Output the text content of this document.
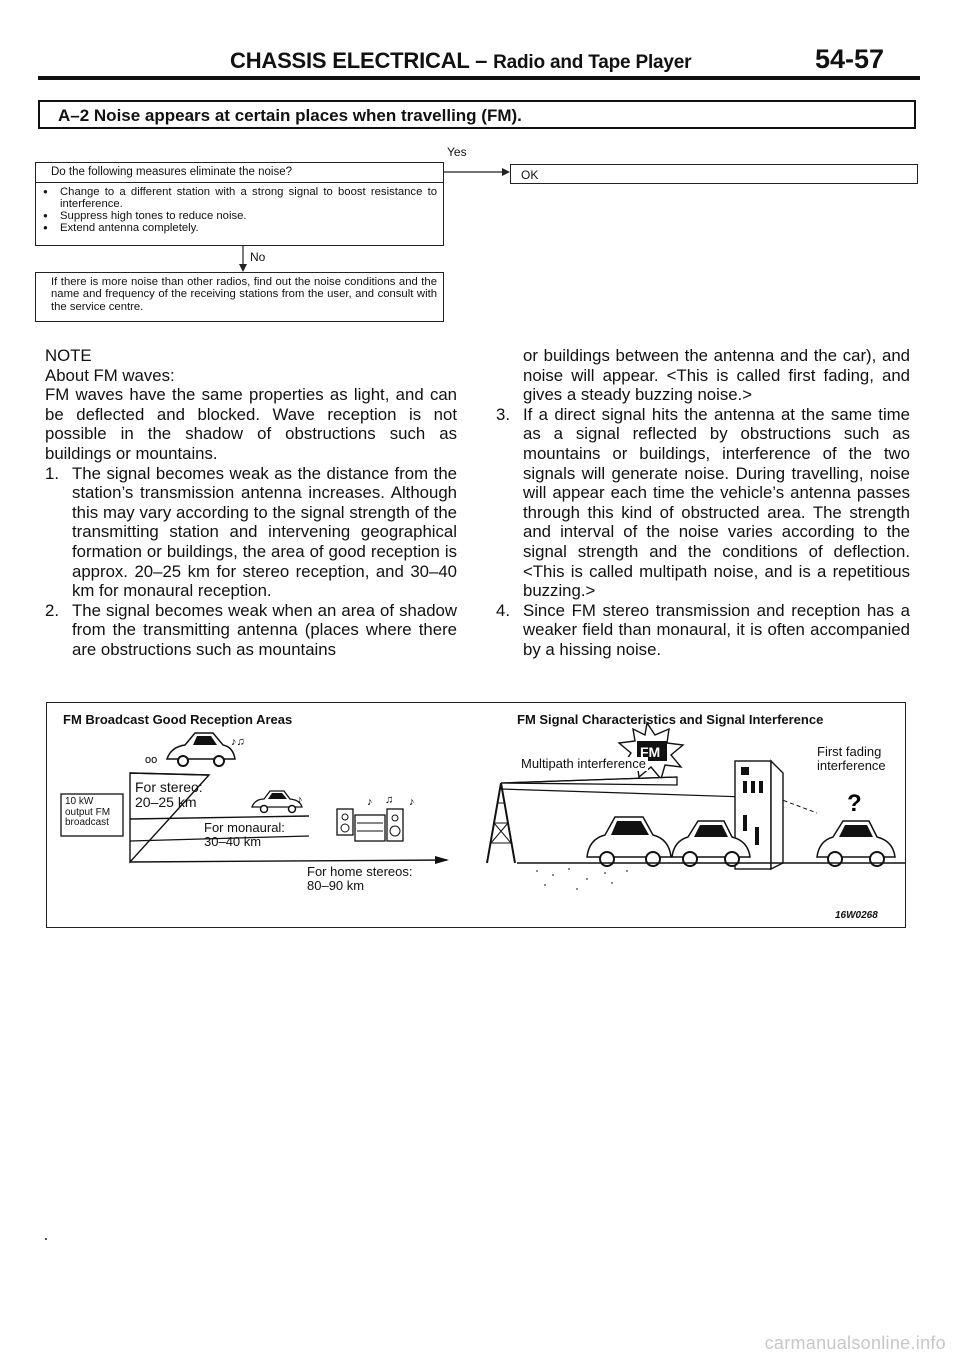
CHASSIS ELECTRICAL – Radio and Tape Player	54-57
A–2 Noise appears at certain places when travelling (FM).
Yes
Do the following measures eliminate the noise?
● Change to a different station with a strong signal to boost resistance to interference.
● Suppress high tones to reduce noise.
● Extend antenna completely.
OK
No
If there is more noise than other radios, find out the noise conditions and the name and frequency of the receiving stations from the user, and consult with the service centre.

NOTE

About FM waves:

FM waves have the same properties as light, and can be deflected and blocked. Wave reception is not possible in the shadow of obstructions such as buildings or mountains.

1. The signal becomes weak as the distance from the station’s transmission antenna increases. Although this may vary according to the signal strength of the transmitting station and intervening geographical formation or buildings, the area of good reception is approx. 20–25 km for stereo reception, and 30–40 km for monaural reception.
2. The signal becomes weak when an area of shadow from the transmitting antenna (places where there are obstructions such as mountains
or buildings between the antenna and the car), and noise will appear. <This is called first fading, and gives a steady buzzing noise.>
3. If a direct signal hits the antenna at the same time as a signal reflected by obstructions such as mountains or buildings, interference of the two signals will generate noise. During travelling, noise will appear each time the vehicle’s antenna passes through this kind of obstructed area. The strength and interval of the noise varies according to the signal strength and the conditions of deflection. <This is called multipath noise, and is a repetitious buzzing.>
4. Since FM stereo transmission and reception has a weaker field than monaural, it is often accompanied by a hissing noise.
FM Broadcast Good Reception Areas	FM Signal Characteristics and Signal Interference
oo
♪♫
♪	♪ ♫ ♪
10 kW
output FM
broadcast
For stereo:
20–25 km
For monaural:
30–40 km
For home stereos:
80–90 km
?
Multipath interference
First fading
interference
FM
16W0268
carmanualsonline.info
